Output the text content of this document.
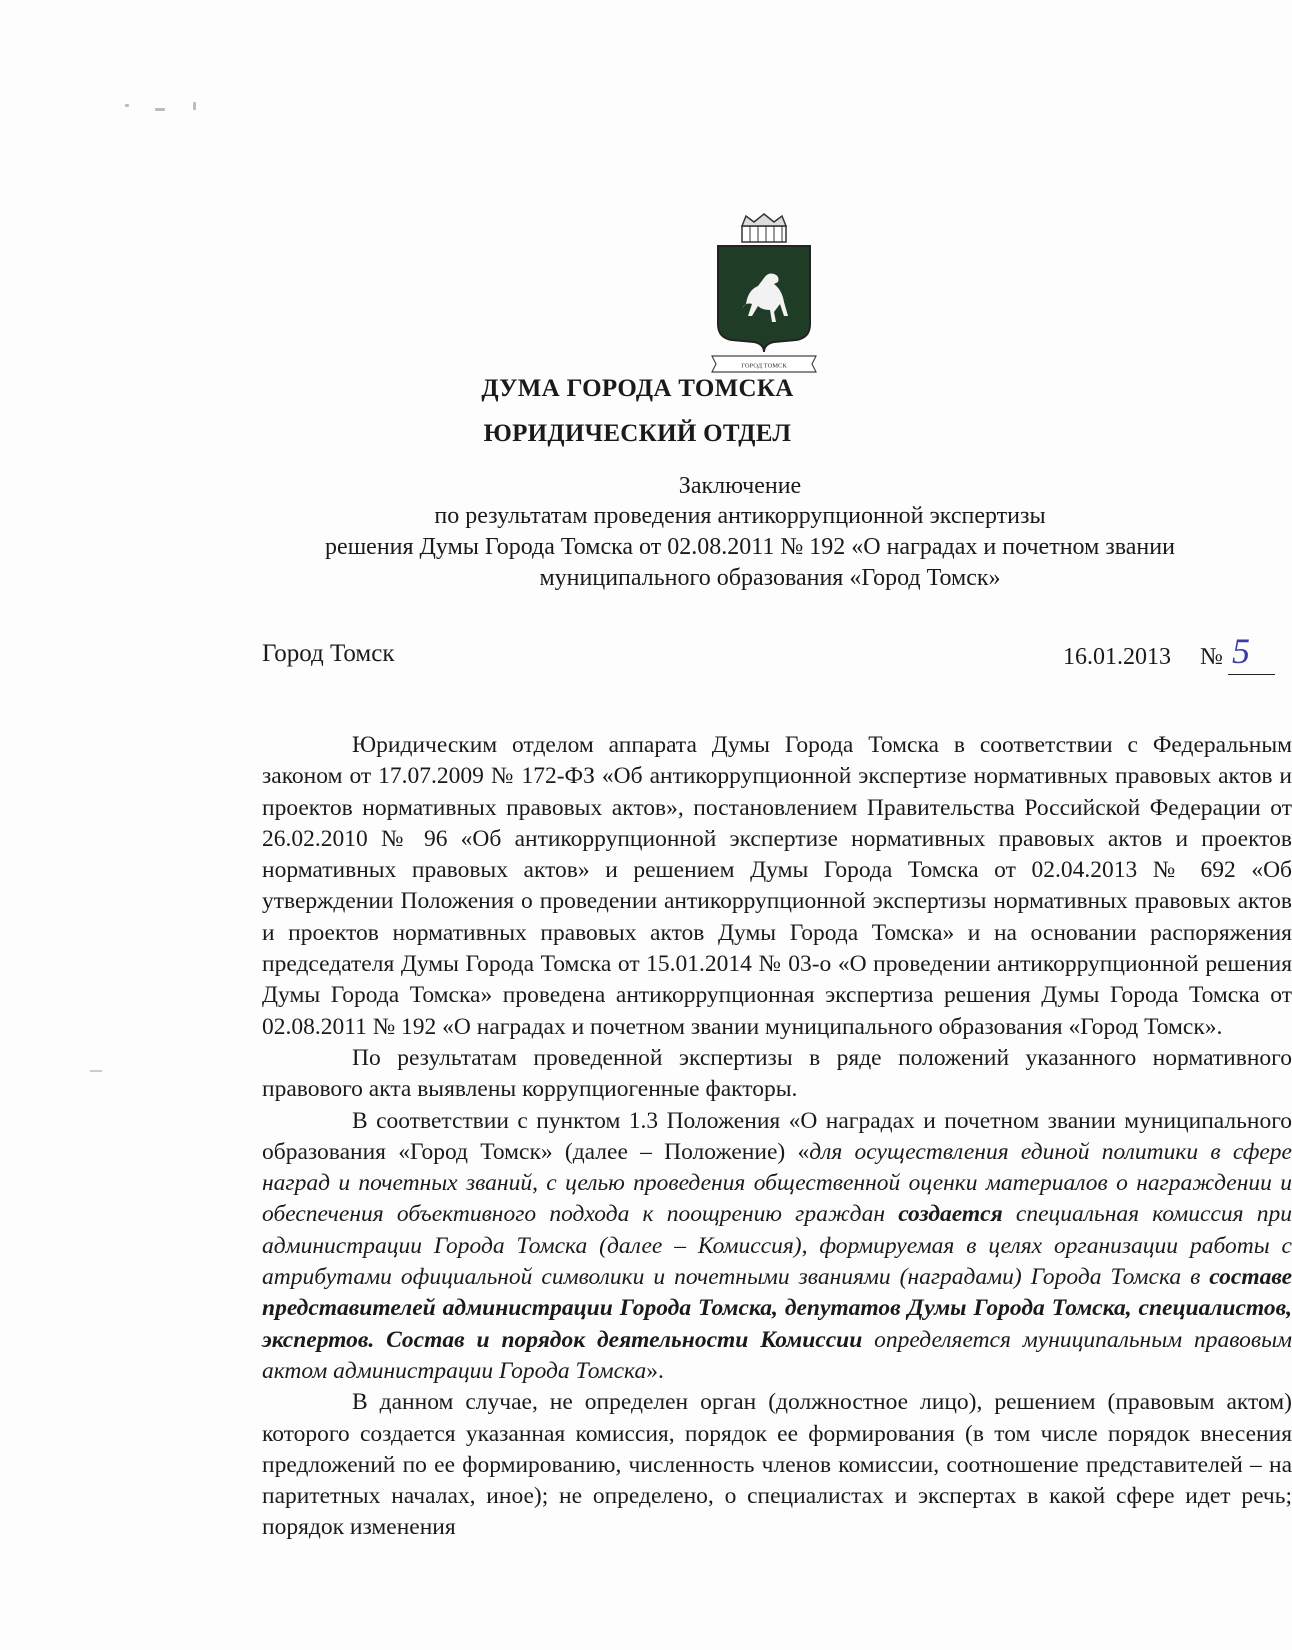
ГОРОД ТОМСК
ДУМА ГОРОДА ТОМСКА
ЮРИДИЧЕСКИЙ ОТДЕЛ
Заключение
по результатам проведения антикоррупционной экспертизы
решения Думы Города Томска от 02.08.2011 № 192 «О наградах и почетном звании
муниципального образования «Город Томск»
Город Томск	16.01.2013 № 5

Юридическим отделом аппарата Думы Города Томска в соответствии с Федеральным законом от 17.07.2009 № 172-ФЗ «Об антикоррупционной экспертизе нормативных правовых актов и проектов нормативных правовых актов», постановлением Правительства Российской Федерации от 26.02.2010 № 96 «Об антикоррупционной экспертизе нормативных правовых актов и проектов нормативных правовых актов» и решением Думы Города Томска от 02.04.2013 № 692 «Об утверждении Положения о проведении антикоррупционной экспертизы нормативных правовых актов и проектов нормативных правовых актов Думы Города Томска» и на основании распоряжения председателя Думы Города Томска от 15.01.2014 № 03-о «О проведении антикоррупционной решения Думы Города Томска» проведена антикоррупционная экспертиза решения Думы Города Томска от 02.08.2011 № 192 «О наградах и почетном звании муниципального образования «Город Томск».

По результатам проведенной экспертизы в ряде положений указанного нормативного правового акта выявлены коррупциогенные факторы.

В соответствии с пунктом 1.3 Положения «О наградах и почетном звании муниципального образования «Город Томск» (далее – Положение) «для осуществления единой политики в сфере наград и почетных званий, с целью проведения общественной оценки материалов о награждении и обеспечения объективного подхода к поощрению граждан создается специальная комиссия при администрации Города Томска (далее – Комиссия), формируемая в целях организации работы с атрибутами официальной символики и почетными званиями (наградами) Города Томска в составе представителей администрации Города Томска, депутатов Думы Города Томска, специалистов, экспертов. Состав и порядок деятельности Комиссии определяется муниципальным правовым актом администрации Города Томска».

В данном случае, не определен орган (должностное лицо), решением (правовым актом) которого создается указанная комиссия, порядок ее формирования (в том числе порядок внесения предложений по ее формированию, численность членов комиссии, соотношение представителей – на паритетных началах, иное); не определено, о специалистах и экспертах в какой сфере идет речь; порядок изменения
